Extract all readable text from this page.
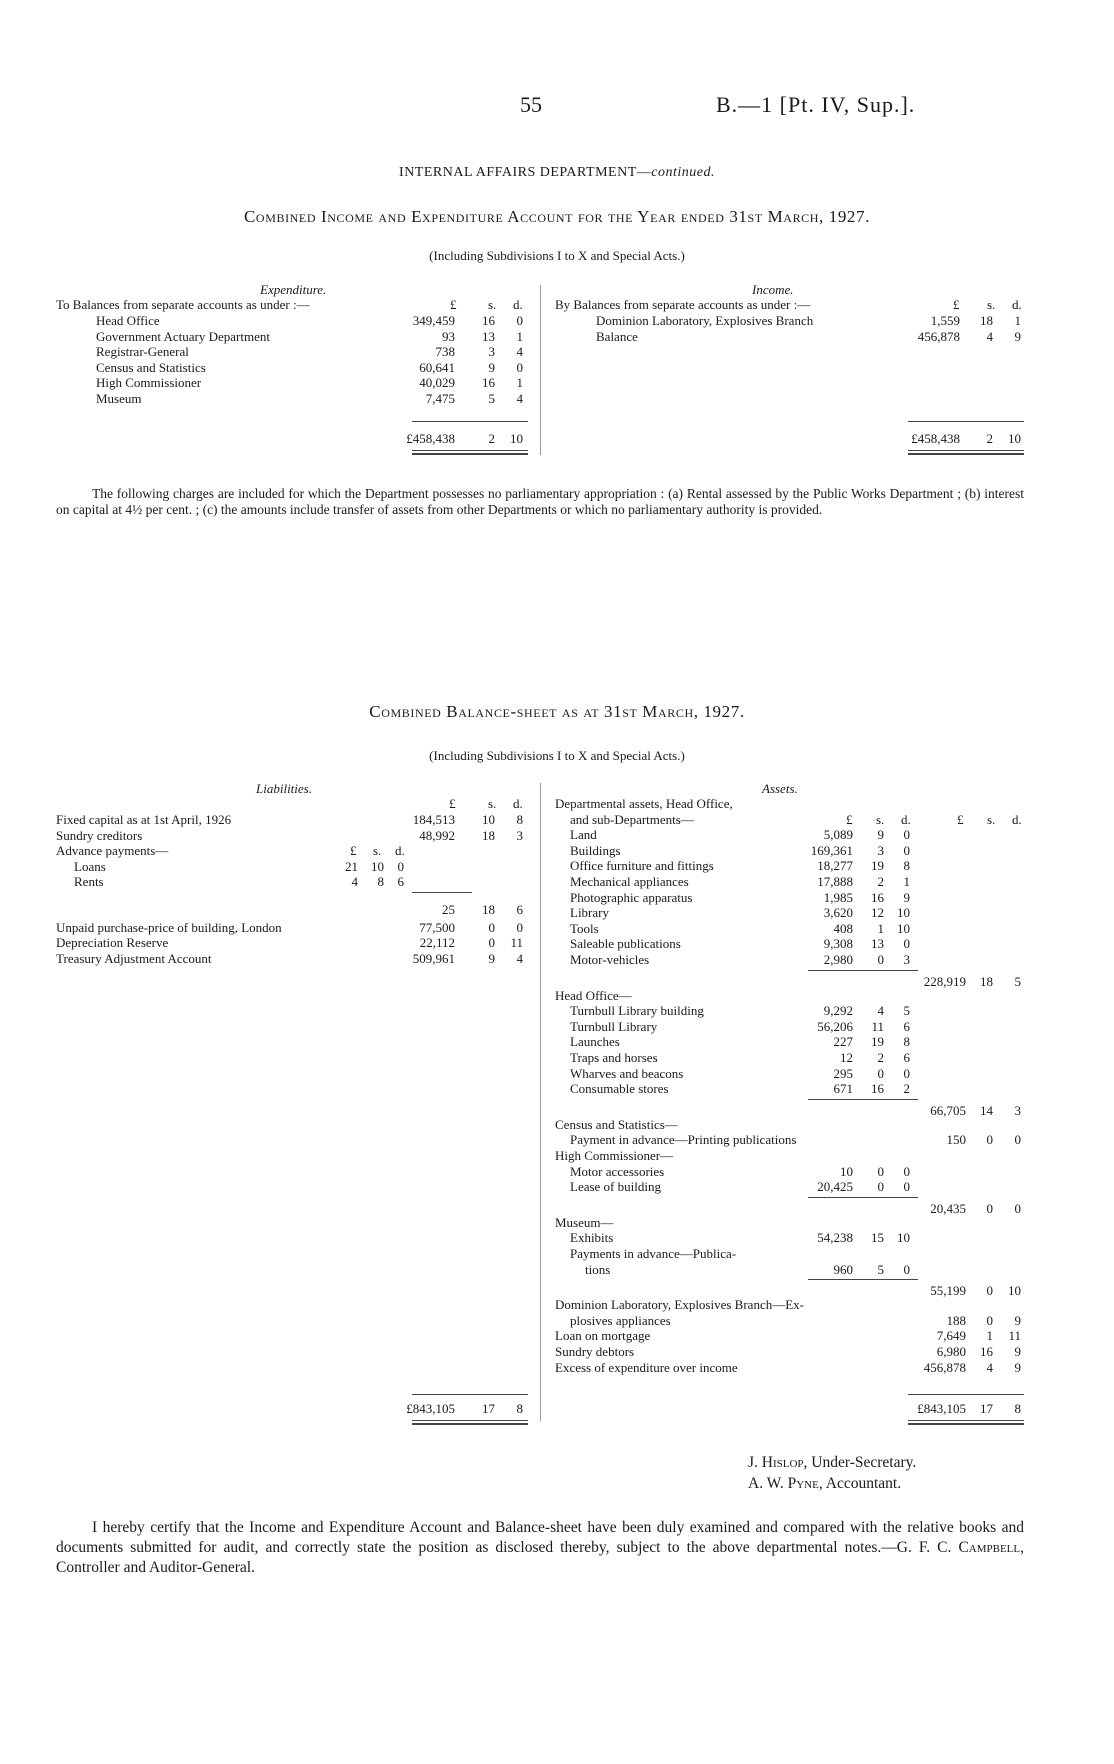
55	B.—1 [Pt. IV, Sup.].
INTERNAL AFFAIRS DEPARTMENT—continued.
Combined Income and Expenditure Account for the Year ended 31st March, 1927.
(Including Subdivisions I to X and Special Acts.)
Expenditure.
To Balances from separate accounts as under :—	£ s. d.
Head Office	349,459	16	0
Government Actuary Department	93	13	1
Registrar-General	738	3	4
Census and Statistics	60,641	9	0
High Commissioner	40,029	16	1
Museum	7,475	5	4
£458,438	2	10
Income.
By Balances from separate accounts as under :—	£ s. d.
Dominion Laboratory, Explosives Branch	1,559	18	1
Balance	456,878	4	9
£458,438	2	10
The following charges are included for which the Department possesses no parliamentary appropriation : (a) Rental assessed by the Public Works Department ; (b) interest on capital at 4½ per cent. ; (c) the amounts include transfer of assets from other Departments or which no parliamentary authority is provided.
Combined Balance-sheet as at 31st March, 1927.
(Including Subdivisions I to X and Special Acts.)
Liabilities.
£	s. d.
Fixed capital as at 1st April, 1926	184,513	10	8
Sundry creditors	48,992	18	3
Advance payments—	£ s. d.
Loans	21	10	0
Rents	4	8	6
25	18	6
Unpaid purchase-price of building, London	77,500	0	0
Depreciation Reserve	22,112	0	11
Treasury Adjustment Account	509,961	9	4
£843,105	17	8
Assets.
Departmental assets, Head Office,
and sub-Departments—	£ s. d.	£ s. d.
Land	5,089	9	0
Buildings	169,361	3	0
Office furniture and fittings	18,277	19	8
Mechanical appliances	17,888	2	1
Photographic apparatus	1,985	16	9
Library	3,620	12	10
Tools	408	1	10
Saleable publications	9,308	13	0
Motor-vehicles	2,980	0	3
228,919	18	5
Head Office—
Turnbull Library building	9,292	4	5
Turnbull Library	56,206	11	6
Launches	227	19	8
Traps and horses	12	2	6
Wharves and beacons	295	0	0
Consumable stores	671	16	2
66,705	14	3
Census and Statistics—
Payment in advance—Printing publications	150	0	0
High Commissioner—
Motor accessories	10	0	0
Lease of building	20,425	0	0
20,435	0	0
Museum—
Exhibits	54,238	15	10
Payments in advance—Publica-
tions	960	5	0
55,199	0	10
Dominion Laboratory, Explosives Branch—Ex-
plosives appliances	188	0	9
Loan on mortgage	7,649	1	11
Sundry debtors	6,980	16	9
Excess of expenditure over income	456,878	4	9
£843,105	17	8
J. Hislop, Under-Secretary.
A. W. Pyne, Accountant.
I hereby certify that the Income and Expenditure Account and Balance-sheet have been duly examined and compared with the relative books and documents submitted for audit, and correctly state the position as disclosed thereby, subject to the above departmental notes.—G. F. C. Campbell, Controller and Auditor-General.
